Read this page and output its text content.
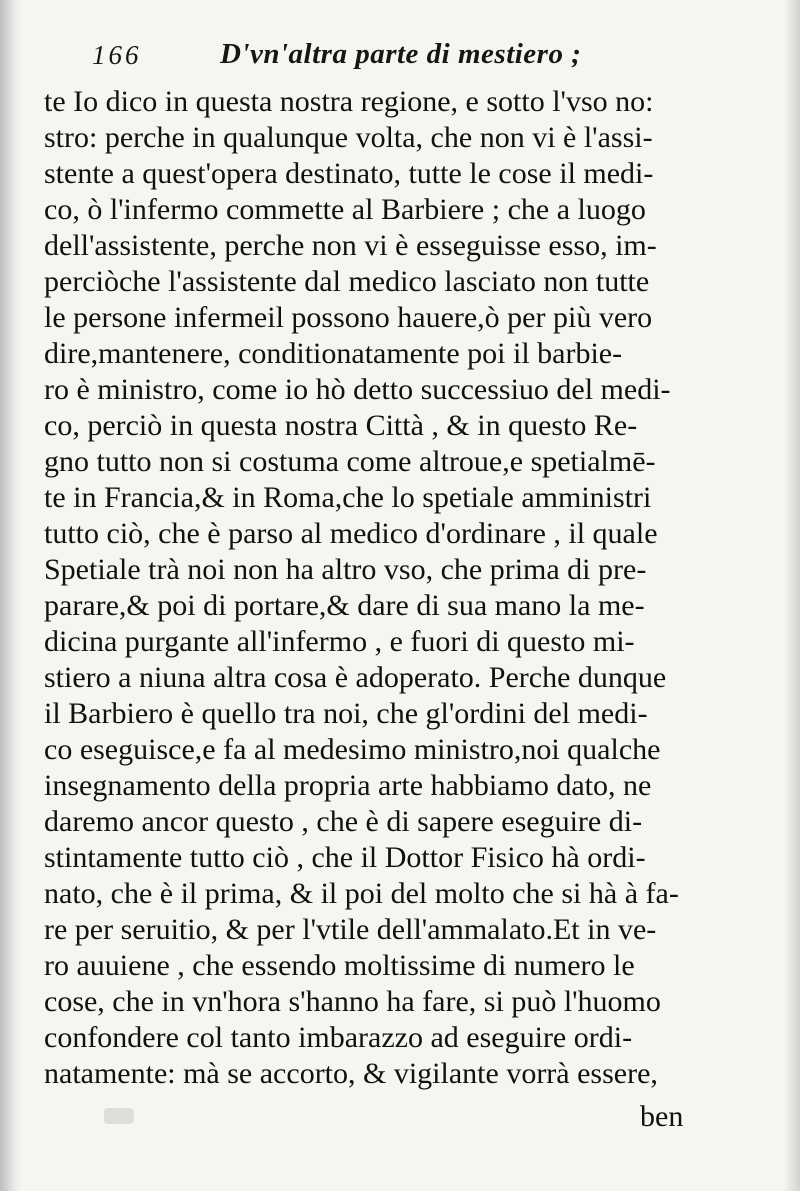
166	D'vn'altra parte di mestiero ;
te Io dico in questa nostra regione, e sotto l'vso no:
stro: perche in qualunque volta, che non vi è l'assi-
stente a quest'opera destinato, tutte le cose il medi-
co, ò l'infermo commette al Barbiere ; che a luogo
dell'assistente, perche non vi è esseguisse esso, im-
perciòche l'assistente dal medico lasciato non tutte
le persone infermeil possono hauere,ò per più vero
dire,mantenere, conditionatamente poi il barbie-
ro è ministro, come io hò detto successiuo del medi-
co, perciò in questa nostra Città , & in questo Re-
gno tutto non si costuma come altroue,e spetialmē-
te in Francia,& in Roma,che lo spetiale amministri
tutto ciò, che è parso al medico d'ordinare , il quale
Spetiale trà noi non ha altro vso, che prima di pre-
parare,& poi di portare,& dare di sua mano la me-
dicina purgante all'infermo , e fuori di questo mi-
stiero a niuna altra cosa è adoperato. Perche dunque
il Barbiero è quello tra noi, che gl'ordini del medi-
co eseguisce,e fa al medesimo ministro,noi qualche
insegnamento della propria arte habbiamo dato, ne
daremo ancor questo , che è di sapere eseguire di-
stintamente tutto ciò , che il Dottor Fisico hà ordi-
nato, che è il prima, & il poi del molto che si hà à fa-
re per seruitio, & per l'vtile dell'ammalato.Et in ve-
ro auuiene , che essendo moltissime di numero le
cose, che in vn'hora s'hanno ha fare, si può l'huomo
confondere col tanto imbarazzo ad eseguire ordi-
natamente: mà se accorto, & vigilante vorrà essere,
ben
